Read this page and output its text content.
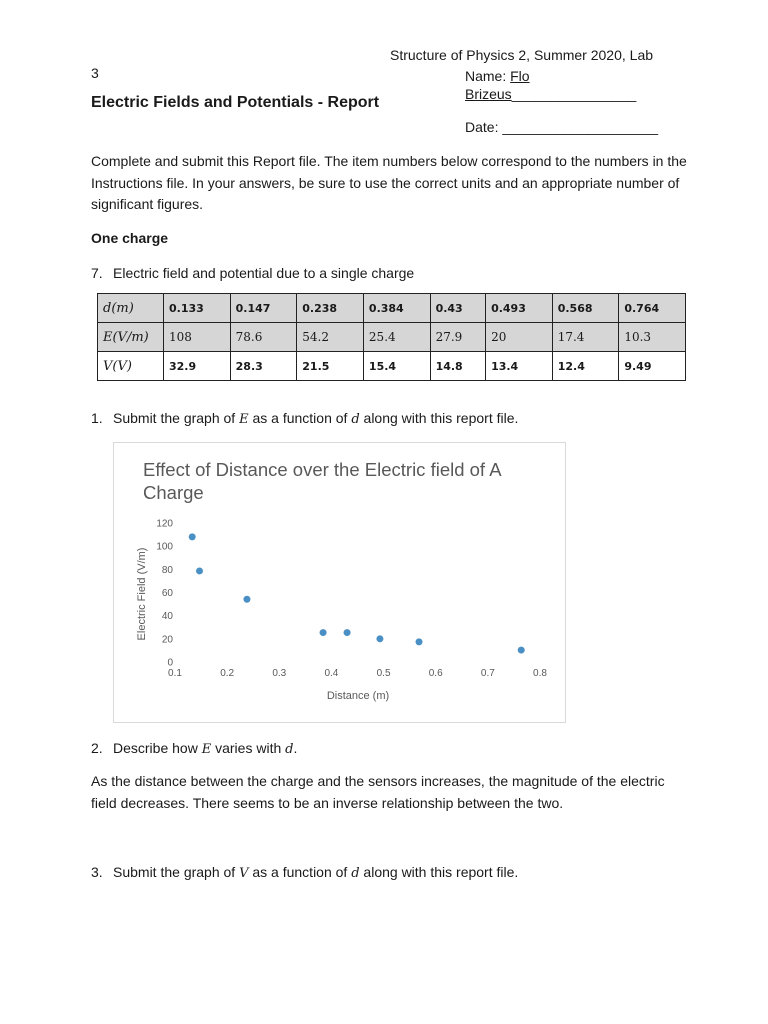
Structure of Physics 2, Summer 2020, Lab
3	Name: Flo
Brizeus________________
Electric Fields and Potentials - Report
Date: ____________________
Complete and submit this Report file. The item numbers below correspond to the numbers in the Instructions file. In your answers, be sure to use the correct units and an appropriate number of significant figures.
One charge
7. Electric field and potential due to a single charge
d(m)	0.133	0.147	0.238	0.384	0.43	0.493	0.568	0.764
E(V/m)	108	78.6	54.2	25.4	27.9	20	17.4	10.3
V(V)	32.9	28.3	21.5	15.4	14.8	13.4	12.4	9.49
1. Submit the graph of E as a function of d along with this report file.
Effect of Distance over the Electric field of A Charge
Electric Field (V/m)
Distance (m)
0.1	0.2	0.3	0.4	0.5	0.6	0.7	0.8
0
20
40
60
80
100
120
2. Describe how E varies with d.
As the distance between the charge and the sensors increases, the magnitude of the electric field decreases. There seems to be an inverse relationship between the two.
3. Submit the graph of V as a function of d along with this report file.
